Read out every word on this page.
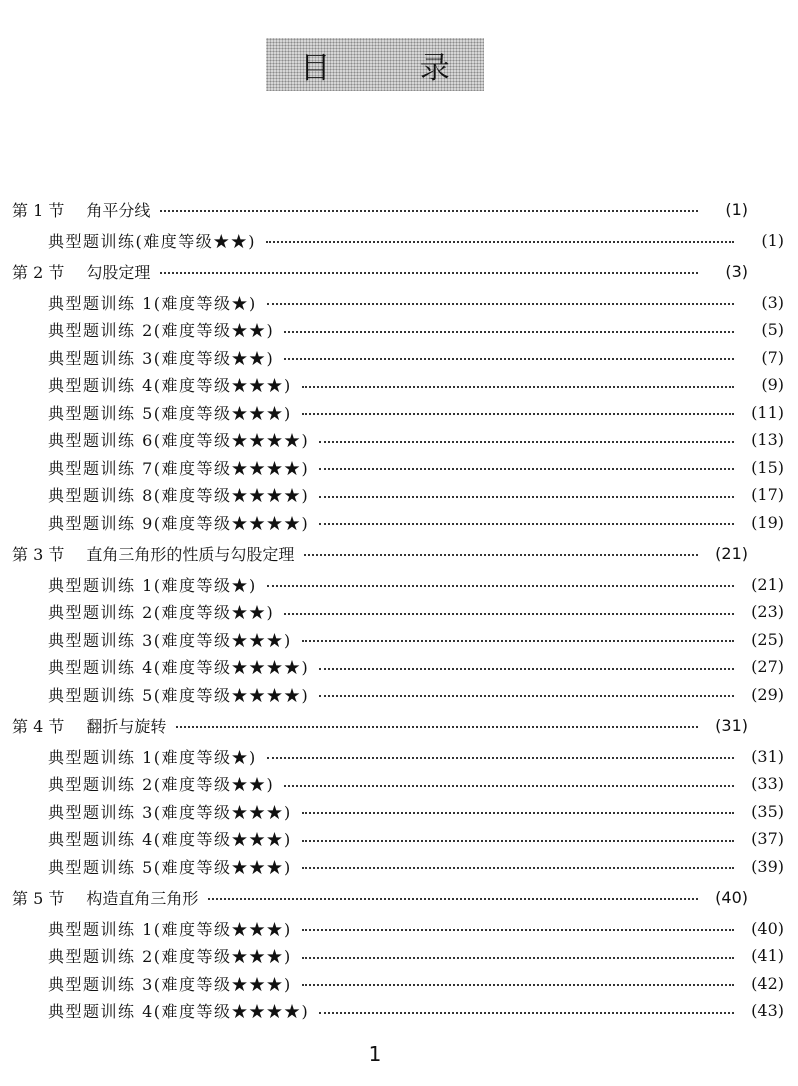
目 录
第 1 节 角平分线	(1)
典型题训练(难度等级★★)	(1)
第 2 节 勾股定理	(3)
典型题训练 1(难度等级★)	(3)
典型题训练 2(难度等级★★)	(5)
典型题训练 3(难度等级★★)	(7)
典型题训练 4(难度等级★★★)	(9)
典型题训练 5(难度等级★★★)	(11)
典型题训练 6(难度等级★★★★)	(13)
典型题训练 7(难度等级★★★★)	(15)
典型题训练 8(难度等级★★★★)	(17)
典型题训练 9(难度等级★★★★)	(19)
第 3 节 直角三角形的性质与勾股定理	(21)
典型题训练 1(难度等级★)	(21)
典型题训练 2(难度等级★★)	(23)
典型题训练 3(难度等级★★★)	(25)
典型题训练 4(难度等级★★★★)	(27)
典型题训练 5(难度等级★★★★)	(29)
第 4 节 翻折与旋转	(31)
典型题训练 1(难度等级★)	(31)
典型题训练 2(难度等级★★)	(33)
典型题训练 3(难度等级★★★)	(35)
典型题训练 4(难度等级★★★)	(37)
典型题训练 5(难度等级★★★)	(39)
第 5 节 构造直角三角形	(40)
典型题训练 1(难度等级★★★)	(40)
典型题训练 2(难度等级★★★)	(41)
典型题训练 3(难度等级★★★)	(42)
典型题训练 4(难度等级★★★★)	(43)
1
